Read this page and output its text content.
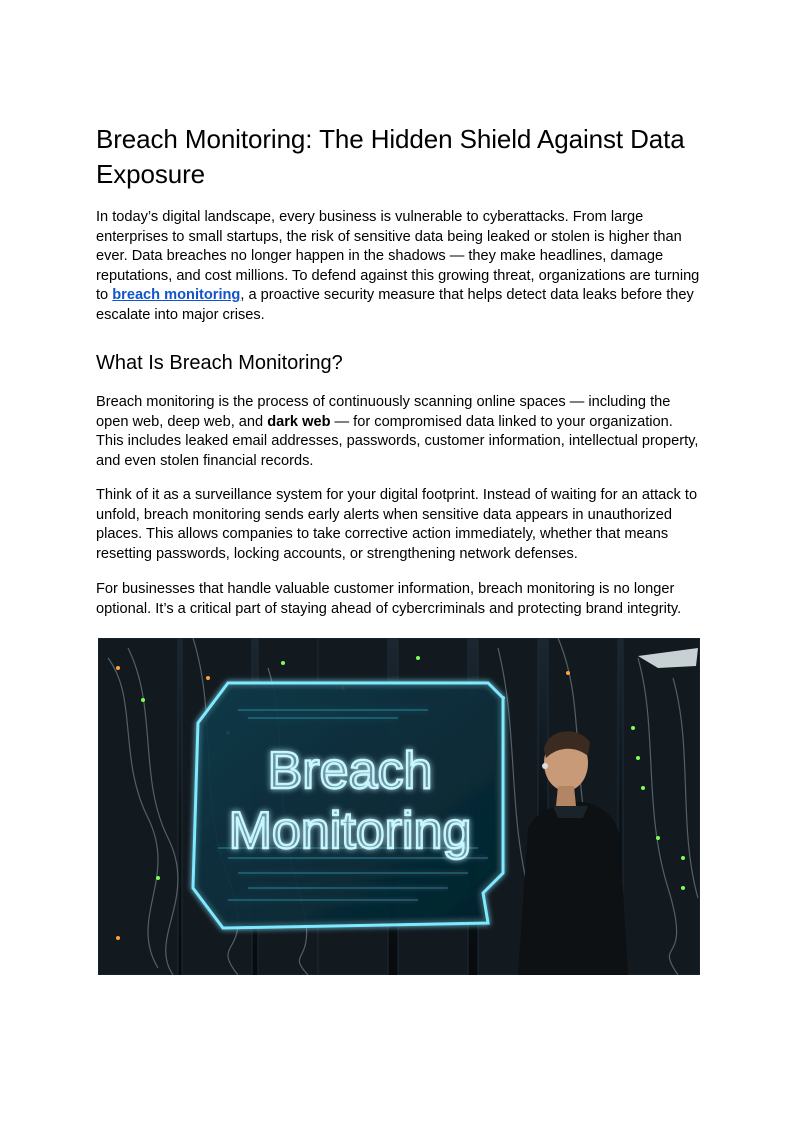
Breach Monitoring: The Hidden Shield Against Data Exposure

In today’s digital landscape, every business is vulnerable to cyberattacks. From large enterprises to small startups, the risk of sensitive data being leaked or stolen is higher than ever. Data breaches no longer happen in the shadows — they make headlines, damage reputations, and cost millions. To defend against this growing threat, organizations are turning to breach monitoring, a proactive security measure that helps detect data leaks before they escalate into major crises.

What Is Breach Monitoring?

Breach monitoring is the process of continuously scanning online spaces — including the open web, deep web, and dark web — for compromised data linked to your organization. This includes leaked email addresses, passwords, customer information, intellectual property, and even stolen financial records.

Think of it as a surveillance system for your digital footprint. Instead of waiting for an attack to unfold, breach monitoring sends early alerts when sensitive data appears in unauthorized places. This allows companies to take corrective action immediately, whether that means resetting passwords, locking accounts, or strengthening network defenses.

For businesses that handle valuable customer information, breach monitoring is no longer optional. It’s a critical part of staying ahead of cybercriminals and protecting brand integrity.

Breach
Monitoring
